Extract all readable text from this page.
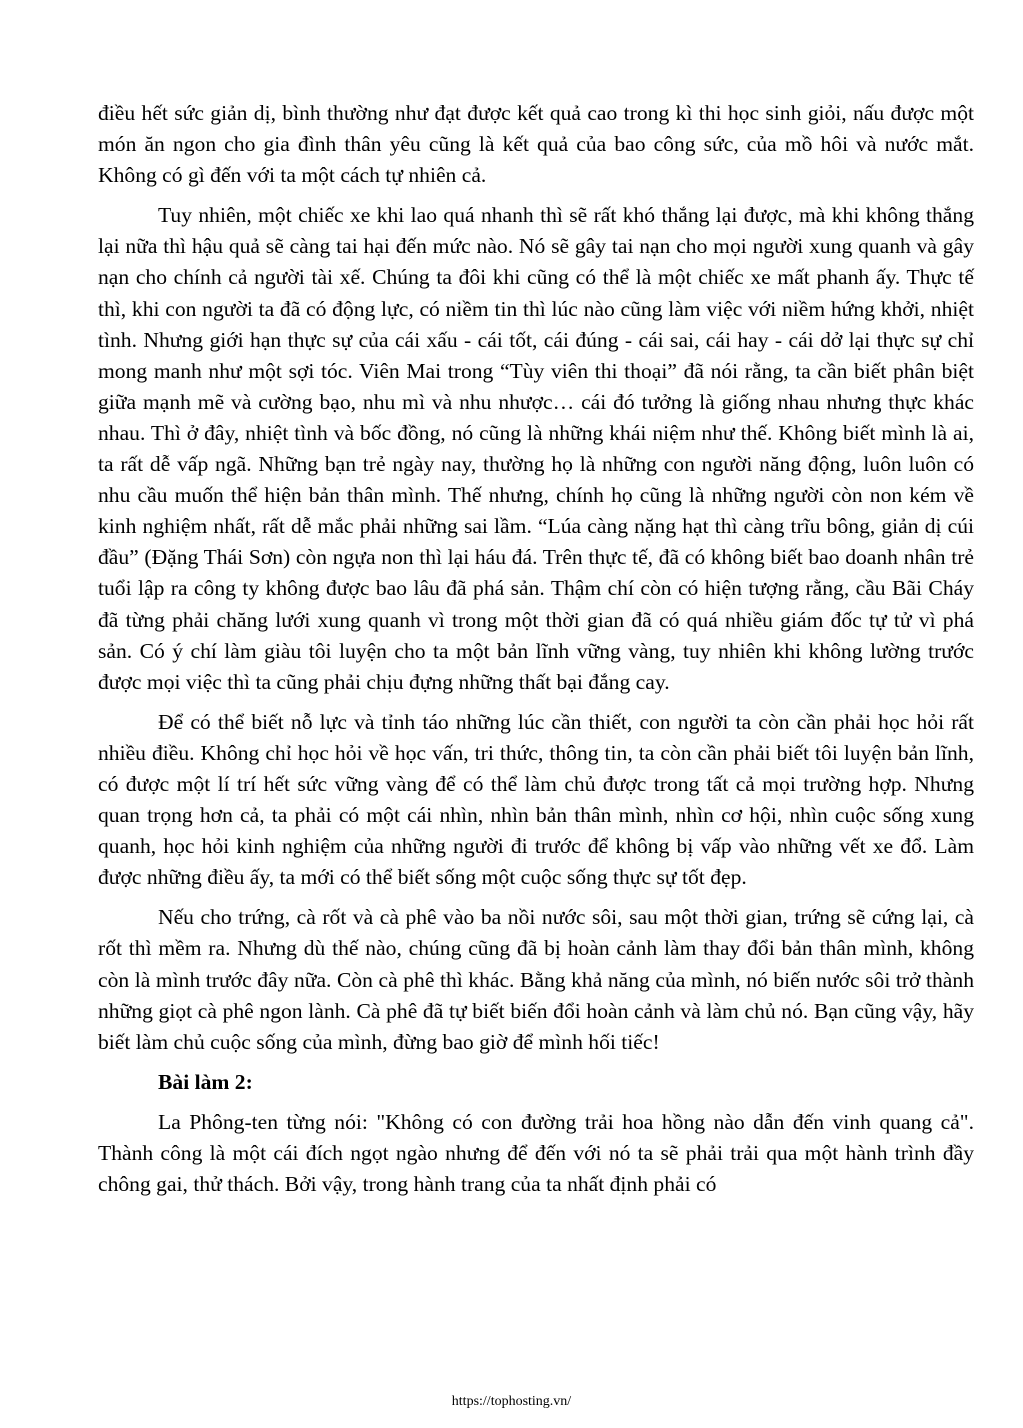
điều hết sức giản dị, bình thường như đạt được kết quả cao trong kì thi học sinh giỏi, nấu được một món ăn ngon cho gia đình thân yêu cũng là kết quả của bao công sức, của mồ hôi và nước mắt. Không có gì đến với ta một cách tự nhiên cả.

Tuy nhiên, một chiếc xe khi lao quá nhanh thì sẽ rất khó thắng lại được, mà khi không thắng lại nữa thì hậu quả sẽ càng tai hại đến mức nào. Nó sẽ gây tai nạn cho mọi người xung quanh và gây nạn cho chính cả người tài xế. Chúng ta đôi khi cũng có thể là một chiếc xe mất phanh ấy. Thực tế thì, khi con người ta đã có động lực, có niềm tin thì lúc nào cũng làm việc với niềm hứng khởi, nhiệt tình. Nhưng giới hạn thực sự của cái xấu - cái tốt, cái đúng - cái sai, cái hay - cái dở lại thực sự chỉ mong manh như một sợi tóc. Viên Mai trong “Tùy viên thi thoại” đã nói rằng, ta cần biết phân biệt giữa mạnh mẽ và cường bạo, nhu mì và nhu nhược… cái đó tưởng là giống nhau nhưng thực khác nhau. Thì ở đây, nhiệt tình và bốc đồng, nó cũng là những khái niệm như thế. Không biết mình là ai, ta rất dễ vấp ngã. Những bạn trẻ ngày nay, thường họ là những con người năng động, luôn luôn có nhu cầu muốn thể hiện bản thân mình. Thế nhưng, chính họ cũng là những người còn non kém về kinh nghiệm nhất, rất dễ mắc phải những sai lầm. “Lúa càng nặng hạt thì càng trĩu bông, giản dị cúi đầu” (Đặng Thái Sơn) còn ngựa non thì lại háu đá. Trên thực tế, đã có không biết bao doanh nhân trẻ tuổi lập ra công ty không được bao lâu đã phá sản. Thậm chí còn có hiện tượng rằng, cầu Bãi Cháy đã từng phải chăng lưới xung quanh vì trong một thời gian đã có quá nhiều giám đốc tự tử vì phá sản. Có ý chí làm giàu tôi luyện cho ta một bản lĩnh vững vàng, tuy nhiên khi không lường trước được mọi việc thì ta cũng phải chịu đựng những thất bại đắng cay.

Để có thể biết nỗ lực và tỉnh táo những lúc cần thiết, con người ta còn cần phải học hỏi rất nhiều điều. Không chỉ học hỏi về học vấn, tri thức, thông tin, ta còn cần phải biết tôi luyện bản lĩnh, có được một lí trí hết sức vững vàng để có thể làm chủ được trong tất cả mọi trường hợp. Nhưng quan trọng hơn cả, ta phải có một cái nhìn, nhìn bản thân mình, nhìn cơ hội, nhìn cuộc sống xung quanh, học hỏi kinh nghiệm của những người đi trước để không bị vấp vào những vết xe đổ. Làm được những điều ấy, ta mới có thể biết sống một cuộc sống thực sự tốt đẹp.

Nếu cho trứng, cà rốt và cà phê vào ba nồi nước sôi, sau một thời gian, trứng sẽ cứng lại, cà rốt thì mềm ra. Nhưng dù thế nào, chúng cũng đã bị hoàn cảnh làm thay đổi bản thân mình, không còn là mình trước đây nữa. Còn cà phê thì khác. Bằng khả năng của mình, nó biến nước sôi trở thành những giọt cà phê ngon lành. Cà phê đã tự biết biến đổi hoàn cảnh và làm chủ nó. Bạn cũng vậy, hãy biết làm chủ cuộc sống của mình, đừng bao giờ để mình hối tiếc!

Bài làm 2:

La Phông-ten từng nói: "Không có con đường trải hoa hồng nào dẫn đến vinh quang cả". Thành công là một cái đích ngọt ngào nhưng để đến với nó ta sẽ phải trải qua một hành trình đầy chông gai, thử thách. Bởi vậy, trong hành trang của ta nhất định phải có

https://tophosting.vn/
